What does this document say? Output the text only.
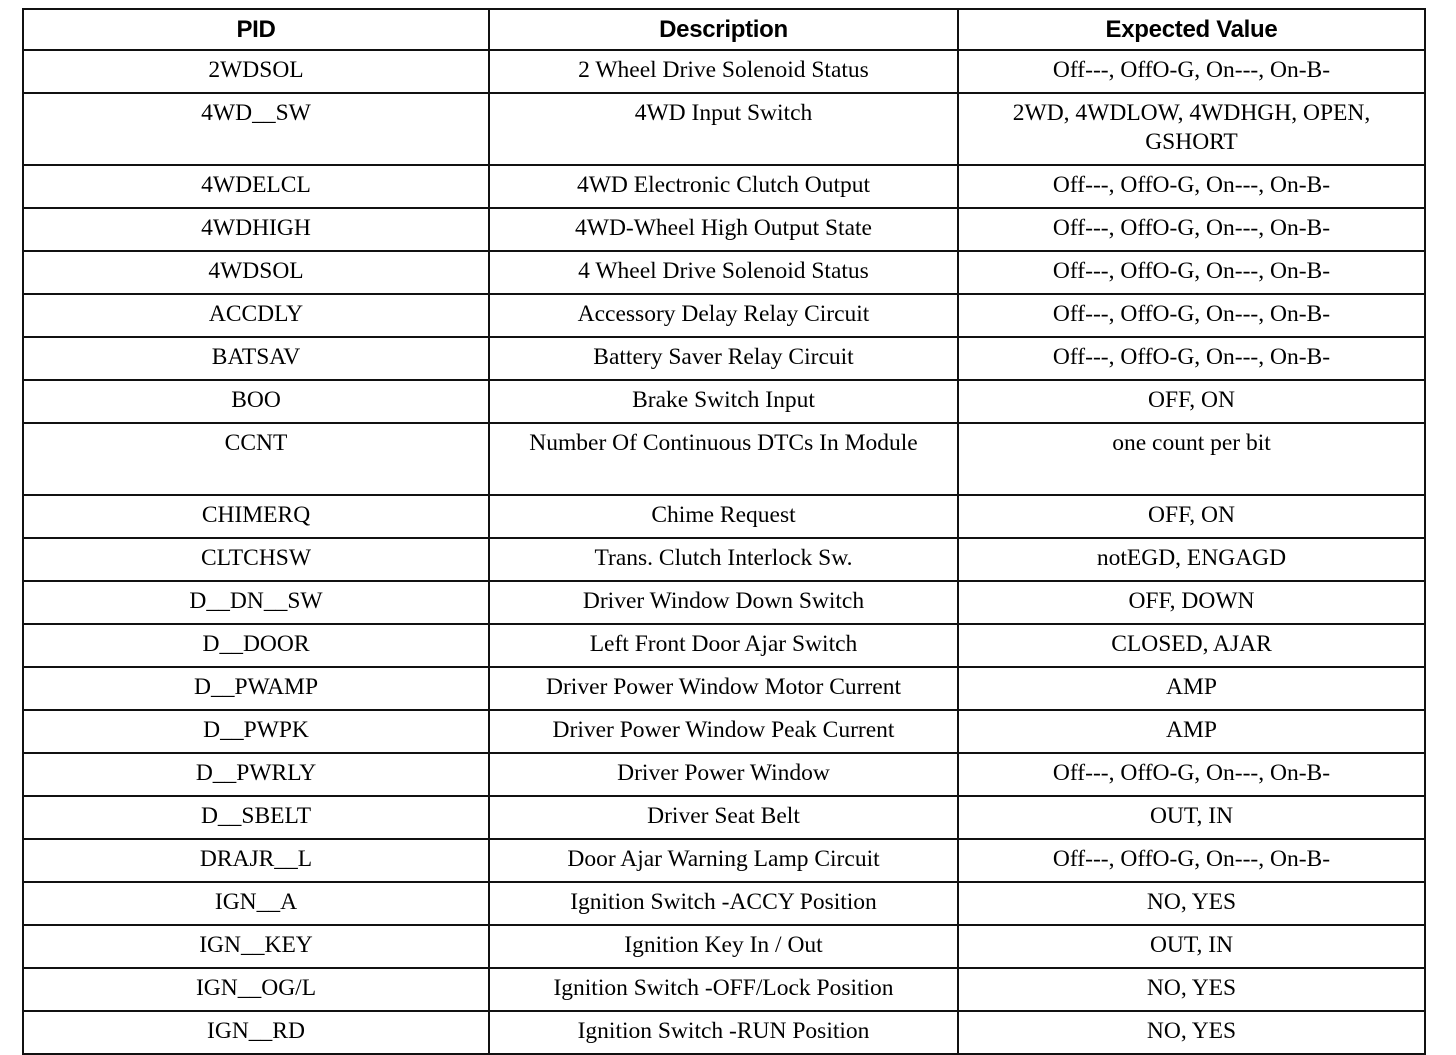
PID	Description	Expected Value
2WDSOL	2 Wheel Drive Solenoid Status	Off---, OffO-G, On---, On-B-
4WD__SW	4WD Input Switch	2WD, 4WDLOW, 4WDHGH, OPEN, GSHORT
4WDELCL	4WD Electronic Clutch Output	Off---, OffO-G, On---, On-B-
4WDHIGH	4WD-Wheel High Output State	Off---, OffO-G, On---, On-B-
4WDSOL	4 Wheel Drive Solenoid Status	Off---, OffO-G, On---, On-B-
ACCDLY	Accessory Delay Relay Circuit	Off---, OffO-G, On---, On-B-
BATSAV	Battery Saver Relay Circuit	Off---, OffO-G, On---, On-B-
BOO	Brake Switch Input	OFF, ON
CCNT	Number Of Continuous DTCs In Module	one count per bit
CHIMERQ	Chime Request	OFF, ON
CLTCHSW	Trans. Clutch Interlock Sw.	notEGD, ENGAGD
D__DN__SW	Driver Window Down Switch	OFF, DOWN
D__DOOR	Left Front Door Ajar Switch	CLOSED, AJAR
D__PWAMP	Driver Power Window Motor Current	AMP
D__PWPK	Driver Power Window Peak Current	AMP
D__PWRLY	Driver Power Window	Off---, OffO-G, On---, On-B-
D__SBELT	Driver Seat Belt	OUT, IN
DRAJR__L	Door Ajar Warning Lamp Circuit	Off---, OffO-G, On---, On-B-
IGN__A	Ignition Switch -ACCY Position	NO, YES
IGN__KEY	Ignition Key In / Out	OUT, IN
IGN__OG/L	Ignition Switch -OFF/Lock Position	NO, YES
IGN__RD	Ignition Switch -RUN Position	NO, YES
